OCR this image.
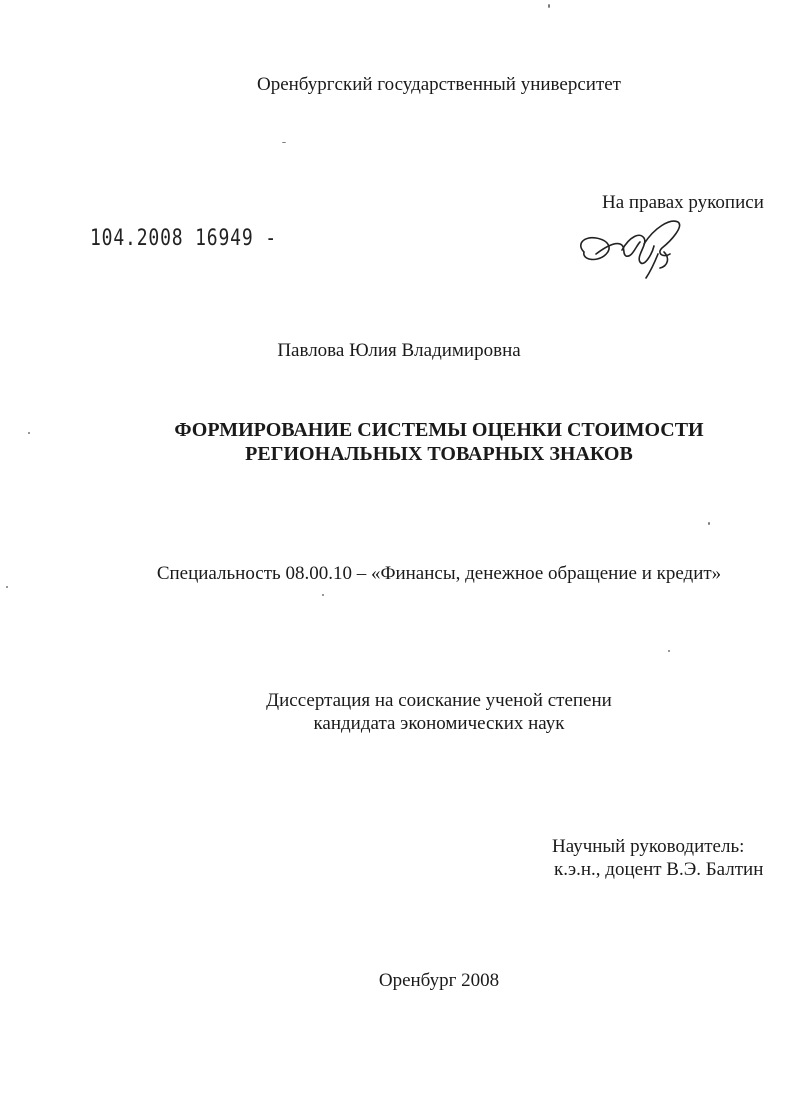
Оренбургский государственный университет
На правах рукописи
104.2008 16949 -
Павлова Юлия Владимировна
ФОРМИРОВАНИЕ СИСТЕМЫ ОЦЕНКИ СТОИМОСТИ
РЕГИОНАЛЬНЫХ ТОВАРНЫХ ЗНАКОВ
Специальность 08.00.10 – «Финансы, денежное обращение и кредит»
Диссертация на соискание ученой степени
кандидата экономических наук
Научный руководитель:
к.э.н., доцент В.Э. Балтин
Оренбург 2008
